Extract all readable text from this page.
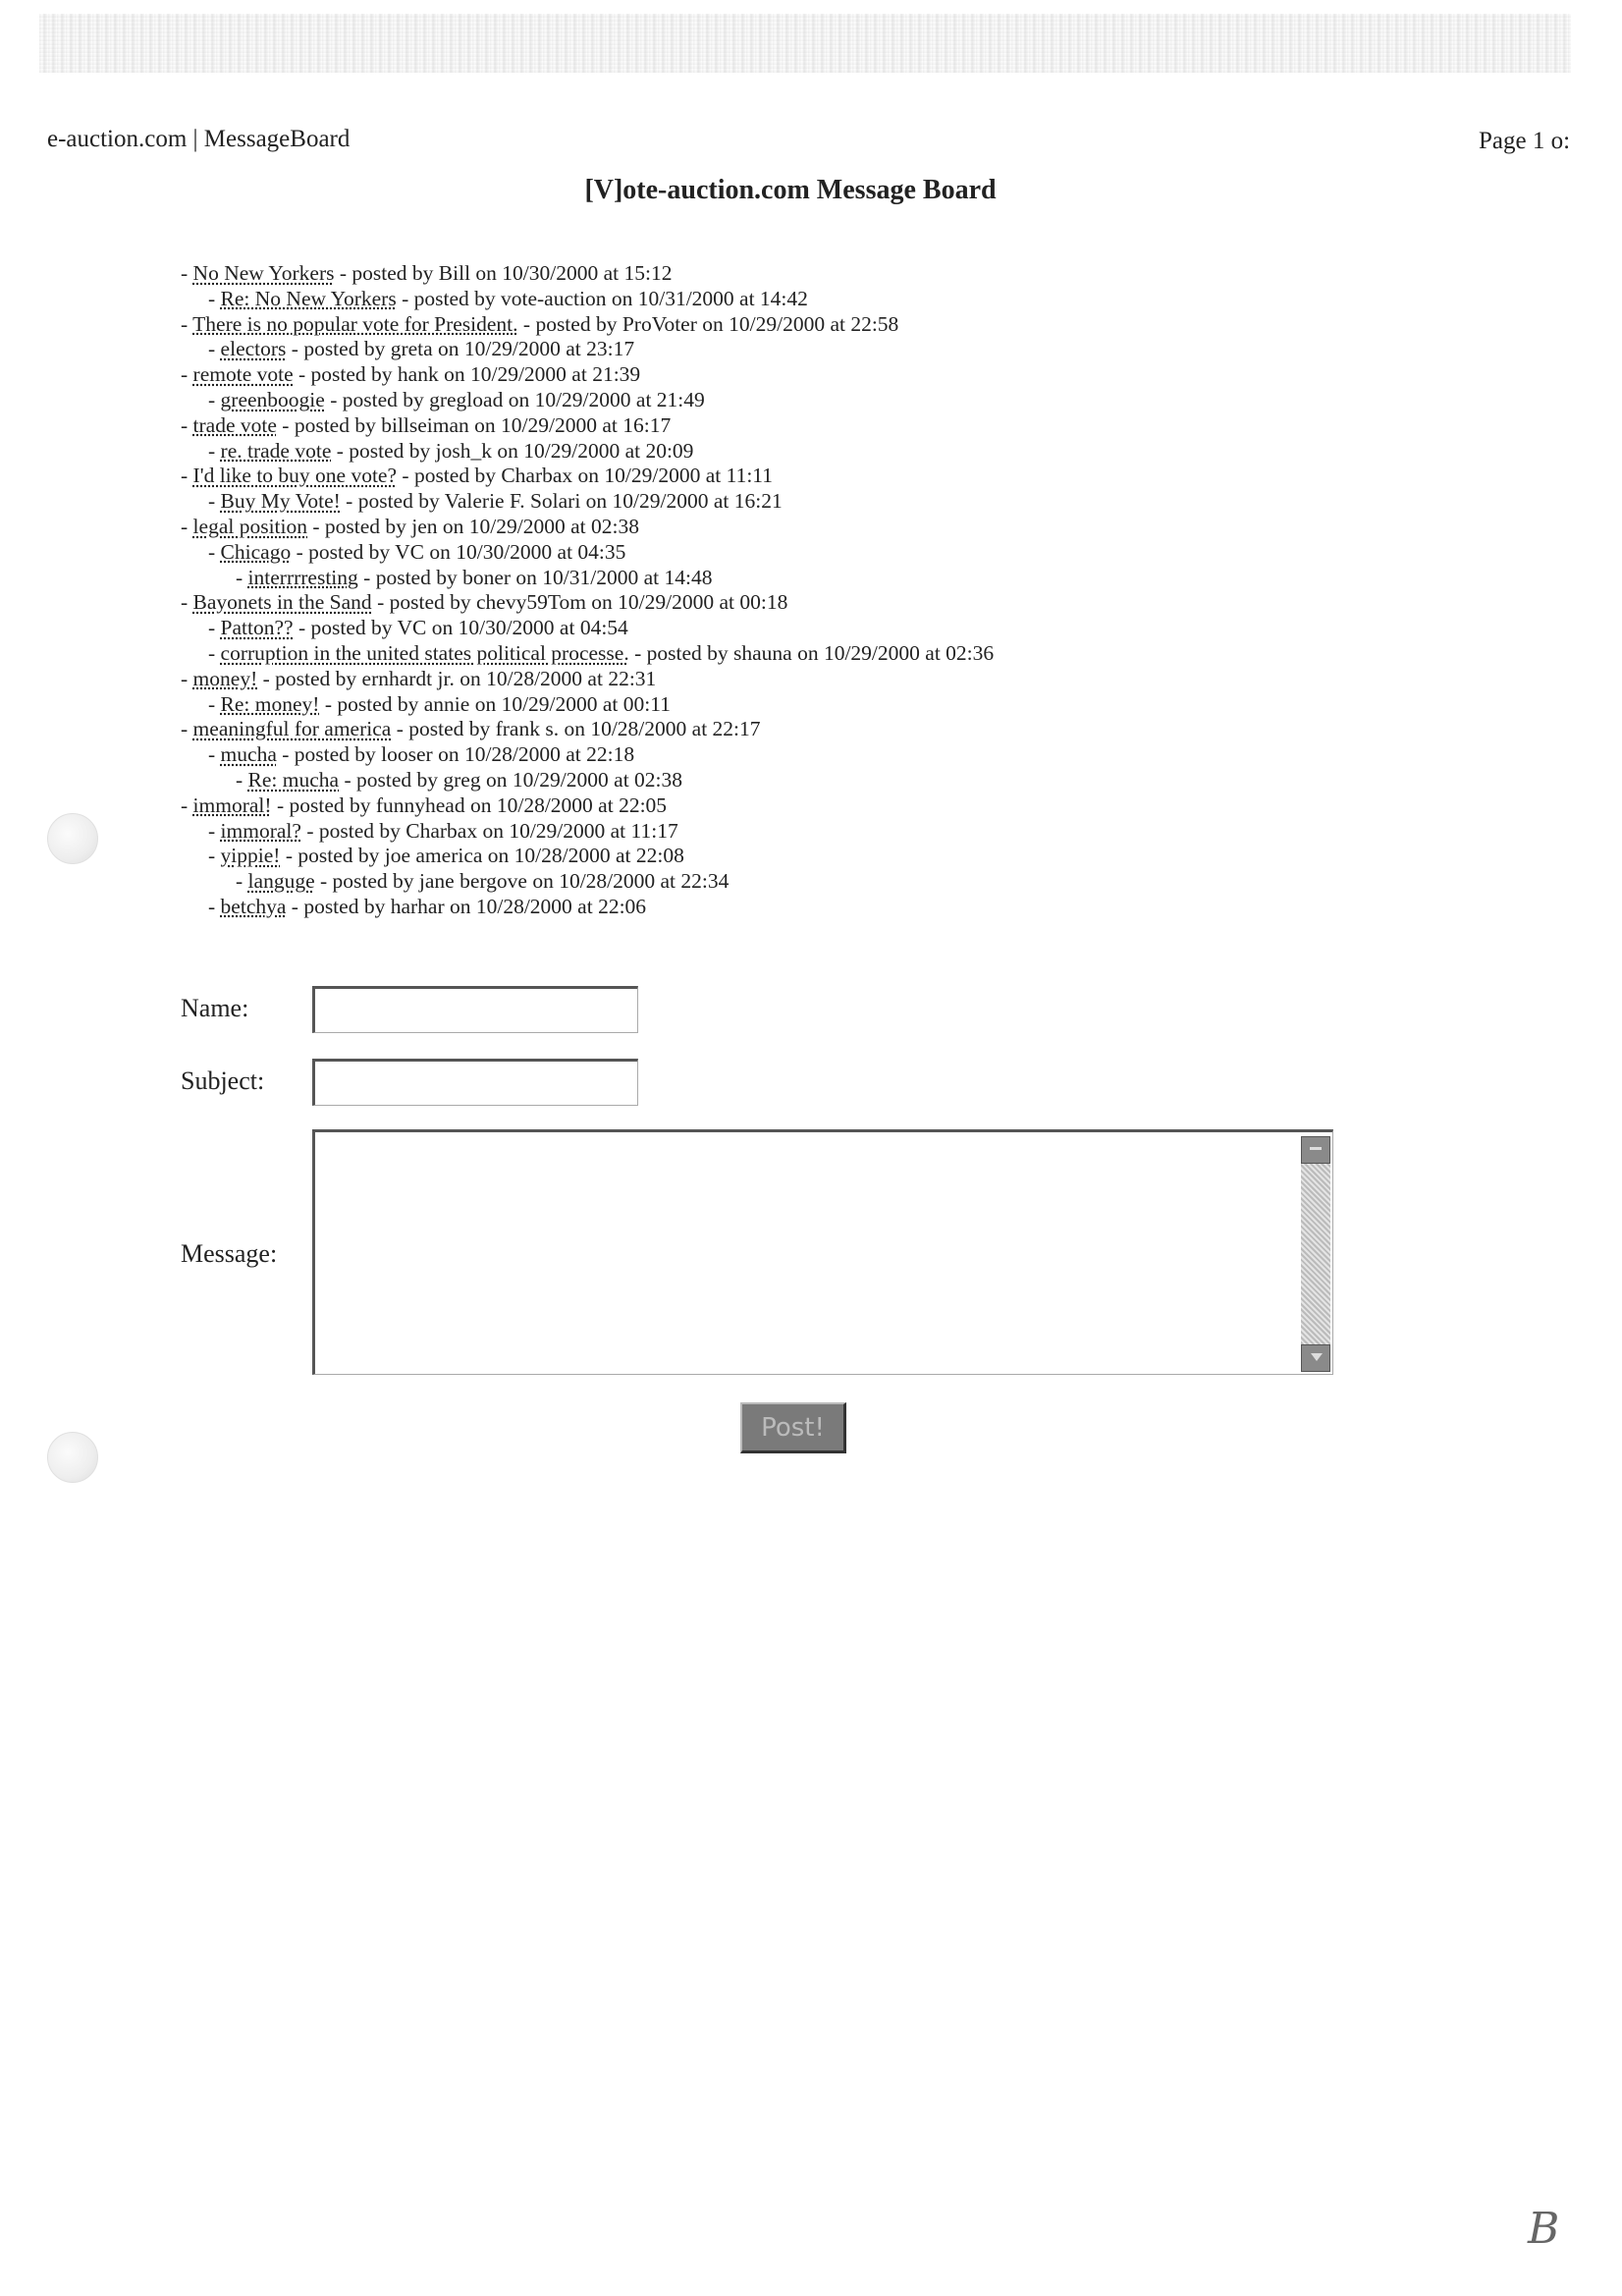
e-auction.com | MessageBoard	Page 1 o:
[V]ote-auction.com Message Board
- No New Yorkers - posted by Bill on 10/30/2000 at 15:12
- Re: No New Yorkers - posted by vote-auction on 10/31/2000 at 14:42
- There is no popular vote for President. - posted by ProVoter on 10/29/2000 at 22:58
- electors - posted by greta on 10/29/2000 at 23:17
- remote vote - posted by hank on 10/29/2000 at 21:39
- greenboogie - posted by gregload on 10/29/2000 at 21:49
- trade vote - posted by billseiman on 10/29/2000 at 16:17
- re. trade vote - posted by josh_k on 10/29/2000 at 20:09
- I'd like to buy one vote? - posted by Charbax on 10/29/2000 at 11:11
- Buy My Vote! - posted by Valerie F. Solari on 10/29/2000 at 16:21
- legal position - posted by jen on 10/29/2000 at 02:38
- Chicago - posted by VC on 10/30/2000 at 04:35
- interrrresting - posted by boner on 10/31/2000 at 14:48
- Bayonets in the Sand - posted by chevy59Tom on 10/29/2000 at 00:18
- Patton?? - posted by VC on 10/30/2000 at 04:54
- corruption in the united states political processe. - posted by shauna on 10/29/2000 at 02:36
- money! - posted by ernhardt jr. on 10/28/2000 at 22:31
- Re: money! - posted by annie on 10/29/2000 at 00:11
- meaningful for america - posted by frank s. on 10/28/2000 at 22:17
- mucha - posted by looser on 10/28/2000 at 22:18
- Re: mucha - posted by greg on 10/29/2000 at 02:38
- immoral! - posted by funnyhead on 10/28/2000 at 22:05
- immoral? - posted by Charbax on 10/29/2000 at 11:17
- yippie! - posted by joe america on 10/28/2000 at 22:08
- languge - posted by jane bergove on 10/28/2000 at 22:34
- betchya - posted by harhar on 10/28/2000 at 22:06
Name:
Subject:
Message:
Post!
B
